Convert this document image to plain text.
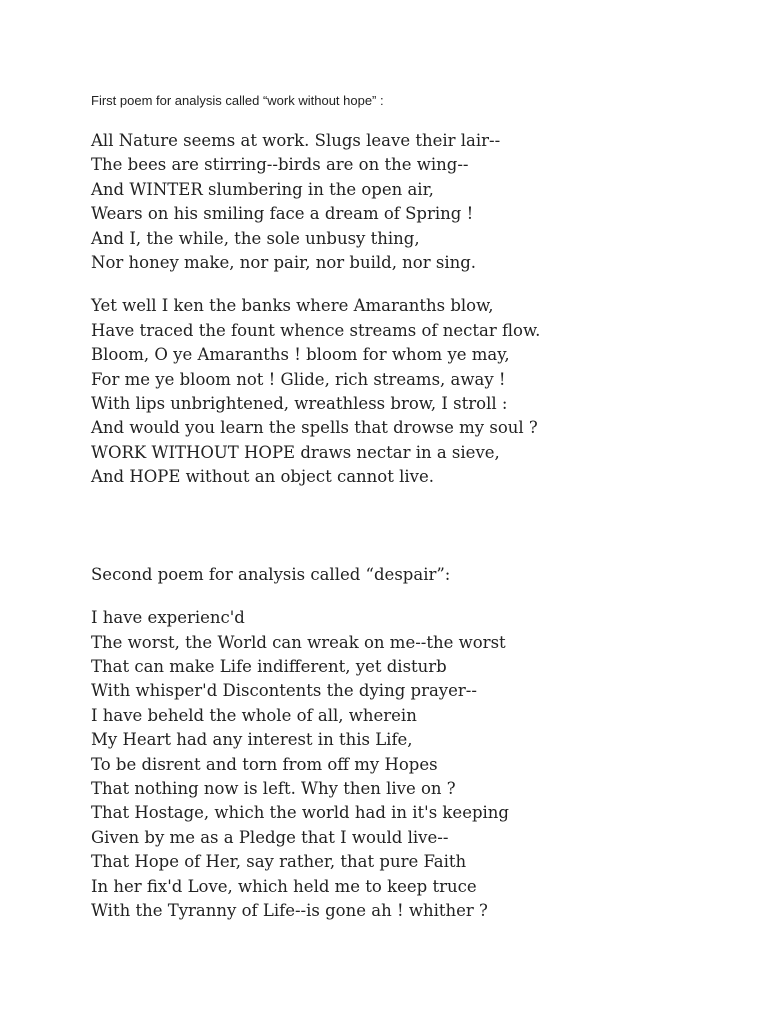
First poem for analysis called “work without hope” :

All Nature seems at work. Slugs leave their lair--
The bees are stirring--birds are on the wing--
And WINTER slumbering in the open air,
Wears on his smiling face a dream of Spring !
And I, the while, the sole unbusy thing,
Nor honey make, nor pair, nor build, nor sing.
Yet well I ken the banks where Amaranths blow,
Have traced the fount whence streams of nectar flow.
Bloom, O ye Amaranths ! bloom for whom ye may,
For me ye bloom not ! Glide, rich streams, away !
With lips unbrightened, wreathless brow, I stroll :
And would you learn the spells that drowse my soul ?
WORK WITHOUT HOPE draws nectar in a sieve,
And HOPE without an object cannot live.

Second poem for analysis called “despair”:

I have experienc'd
The worst, the World can wreak on me--the worst
That can make Life indifferent, yet disturb
With whisper'd Discontents the dying prayer--
I have beheld the whole of all, wherein
My Heart had any interest in this Life,
To be disrent and torn from off my Hopes
That nothing now is left. Why then live on ?
That Hostage, which the world had in it's keeping
Given by me as a Pledge that I would live--
That Hope of Her, say rather, that pure Faith
In her fix'd Love, which held me to keep truce
With the Tyranny of Life--is gone ah ! whither ?
